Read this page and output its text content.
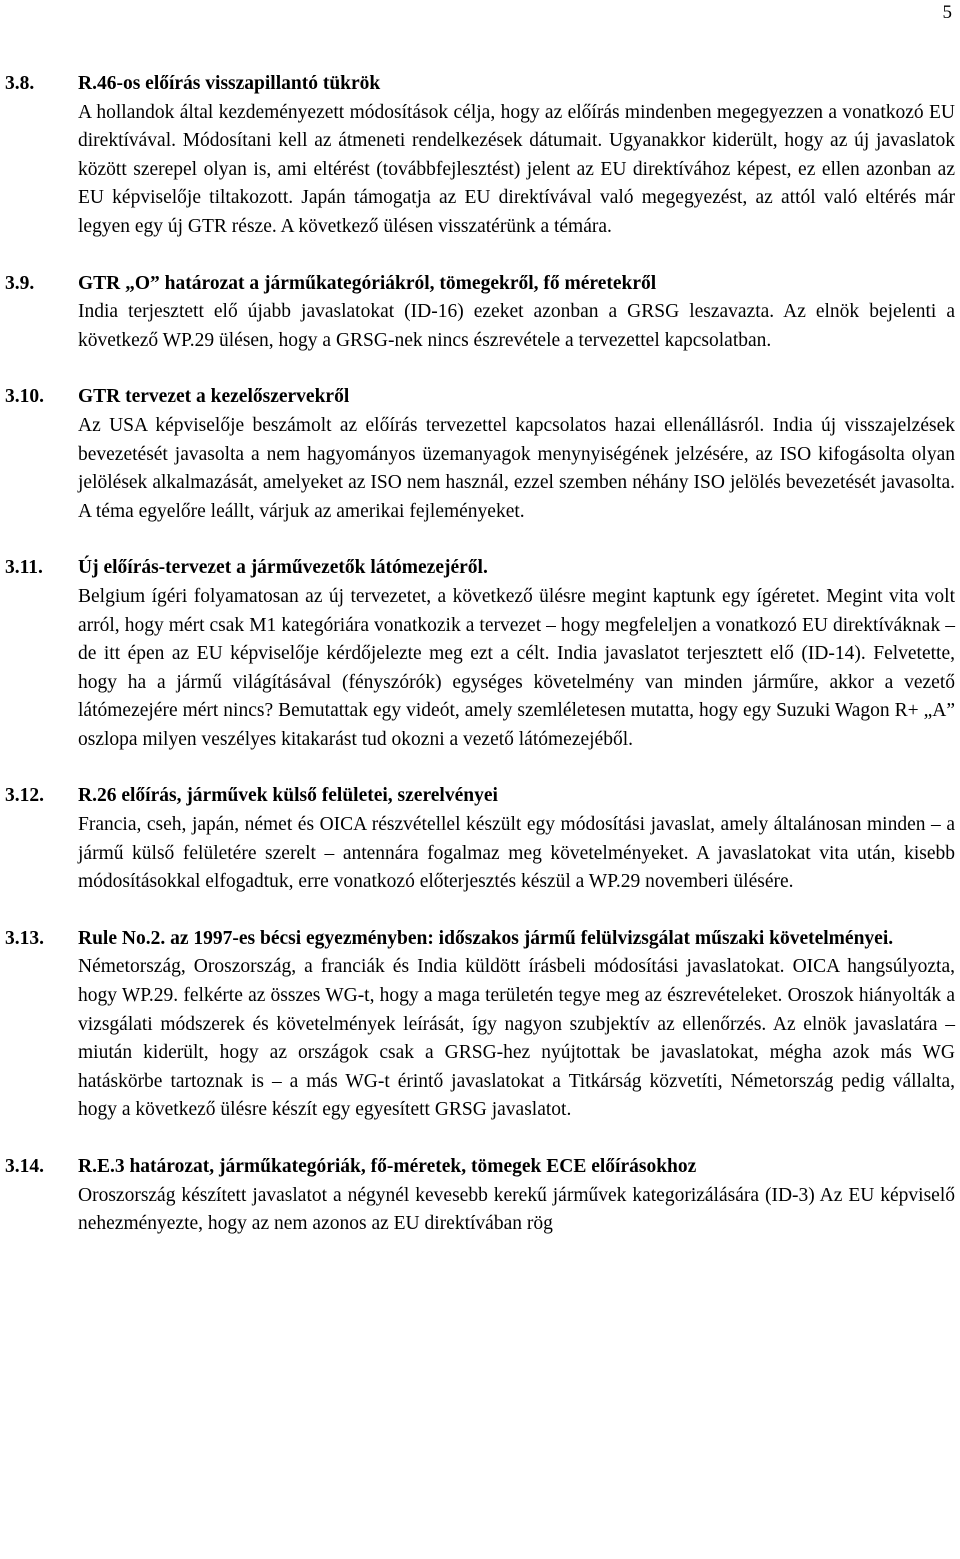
5
3.8. R.46-os előírás visszapillantó tükrök
A hollandok által kezdeményezett módosítások célja, hogy az előírás mindenben megegyezzen a vonatkozó EU direktívával. Módosítani kell az átmeneti rendelkezések dátumait. Ugyanakkor kiderült, hogy az új javaslatok között szerepel olyan is, ami eltérést (továbbfejlesztést) jelent az EU direktívához képest, ez ellen azonban az EU képviselője tiltakozott. Japán támogatja az EU direktívával való megegyezést, az attól való eltérés már legyen egy új GTR része. A következő ülésen visszatérünk a témára.
3.9. GTR „O” határozat a járműkategóriákról, tömegekről, fő méretekről
India terjesztett elő újabb javaslatokat (ID-16) ezeket azonban a GRSG leszavazta. Az elnök bejelenti a következő WP.29 ülésen, hogy a GRSG-nek nincs észrevétele a tervezettel kapcsolatban.
3.10. GTR tervezet a kezelőszervekről
Az USA képviselője beszámolt az előírás tervezettel kapcsolatos hazai ellenállásról. India új visszajelzések bevezetését javasolta a nem hagyományos üzemanyagok menynyiségének jelzésére, az ISO kifogásolta olyan jelölések alkalmazását, amelyeket az ISO nem használ, ezzel szemben néhány ISO jelölés bevezetését javasolta. A téma egyelőre leállt, várjuk az amerikai fejleményeket.
3.11. Új előírás-tervezet a járművezetők látómezejéről.
Belgium ígéri folyamatosan az új tervezetet, a következő ülésre megint kaptunk egy ígéretet. Megint vita volt arról, hogy mért csak M1 kategóriára vonatkozik a tervezet – hogy megfeleljen a vonatkozó EU direktíváknak – de itt épen az EU képviselője kérdőjelezte meg ezt a célt. India javaslatot terjesztett elő (ID-14). Felvetette, hogy ha a jármű világításával (fényszórók) egységes követelmény van minden járműre, akkor a vezető látómezejére mért nincs? Bemutattak egy videót, amely szemléletesen mutatta, hogy egy Suzuki Wagon R+ „A” oszlopa milyen veszélyes kitakarást tud okozni a vezető látómezejéből.
3.12. R.26 előírás, járművek külső felületei, szerelvényei
Francia, cseh, japán, német és OICA részvétellel készült egy módosítási javaslat, amely általánosan minden – a jármű külső felületére szerelt – antennára fogalmaz meg követelményeket. A javaslatokat vita után, kisebb módosításokkal elfogadtuk, erre vonatkozó előterjesztés készül a WP.29 novemberi ülésére.
3.13. Rule No.2. az 1997-es bécsi egyezményben: időszakos jármű felülvizsgálat műszaki követelményei.
Németország, Oroszország, a franciák és India küldött írásbeli módosítási javaslatokat. OICA hangsúlyozta, hogy WP.29. felkérte az összes WG-t, hogy a maga területén tegye meg az észrevételeket. Oroszok hiányolták a vizsgálati módszerek és követelmények leírását, így nagyon szubjektív az ellenőrzés. Az elnök javaslatára – miután kiderült, hogy az országok csak a GRSG-hez nyújtottak be javaslatokat, mégha azok más WG hatáskörbe tartoznak is – a más WG-t érintő javaslatokat a Titkárság közvetíti, Németország pedig vállalta, hogy a következő ülésre készít egy egyesített GRSG javaslatot.
3.14. R.E.3 határozat, járműkategóriák, fő-méretek, tömegek ECE előírásokhoz
Oroszország készített javaslatot a négynél kevesebb kerekű járművek kategorizálására (ID-3) Az EU képviselő nehezményezte, hogy az nem azonos az EU direktívában rög
